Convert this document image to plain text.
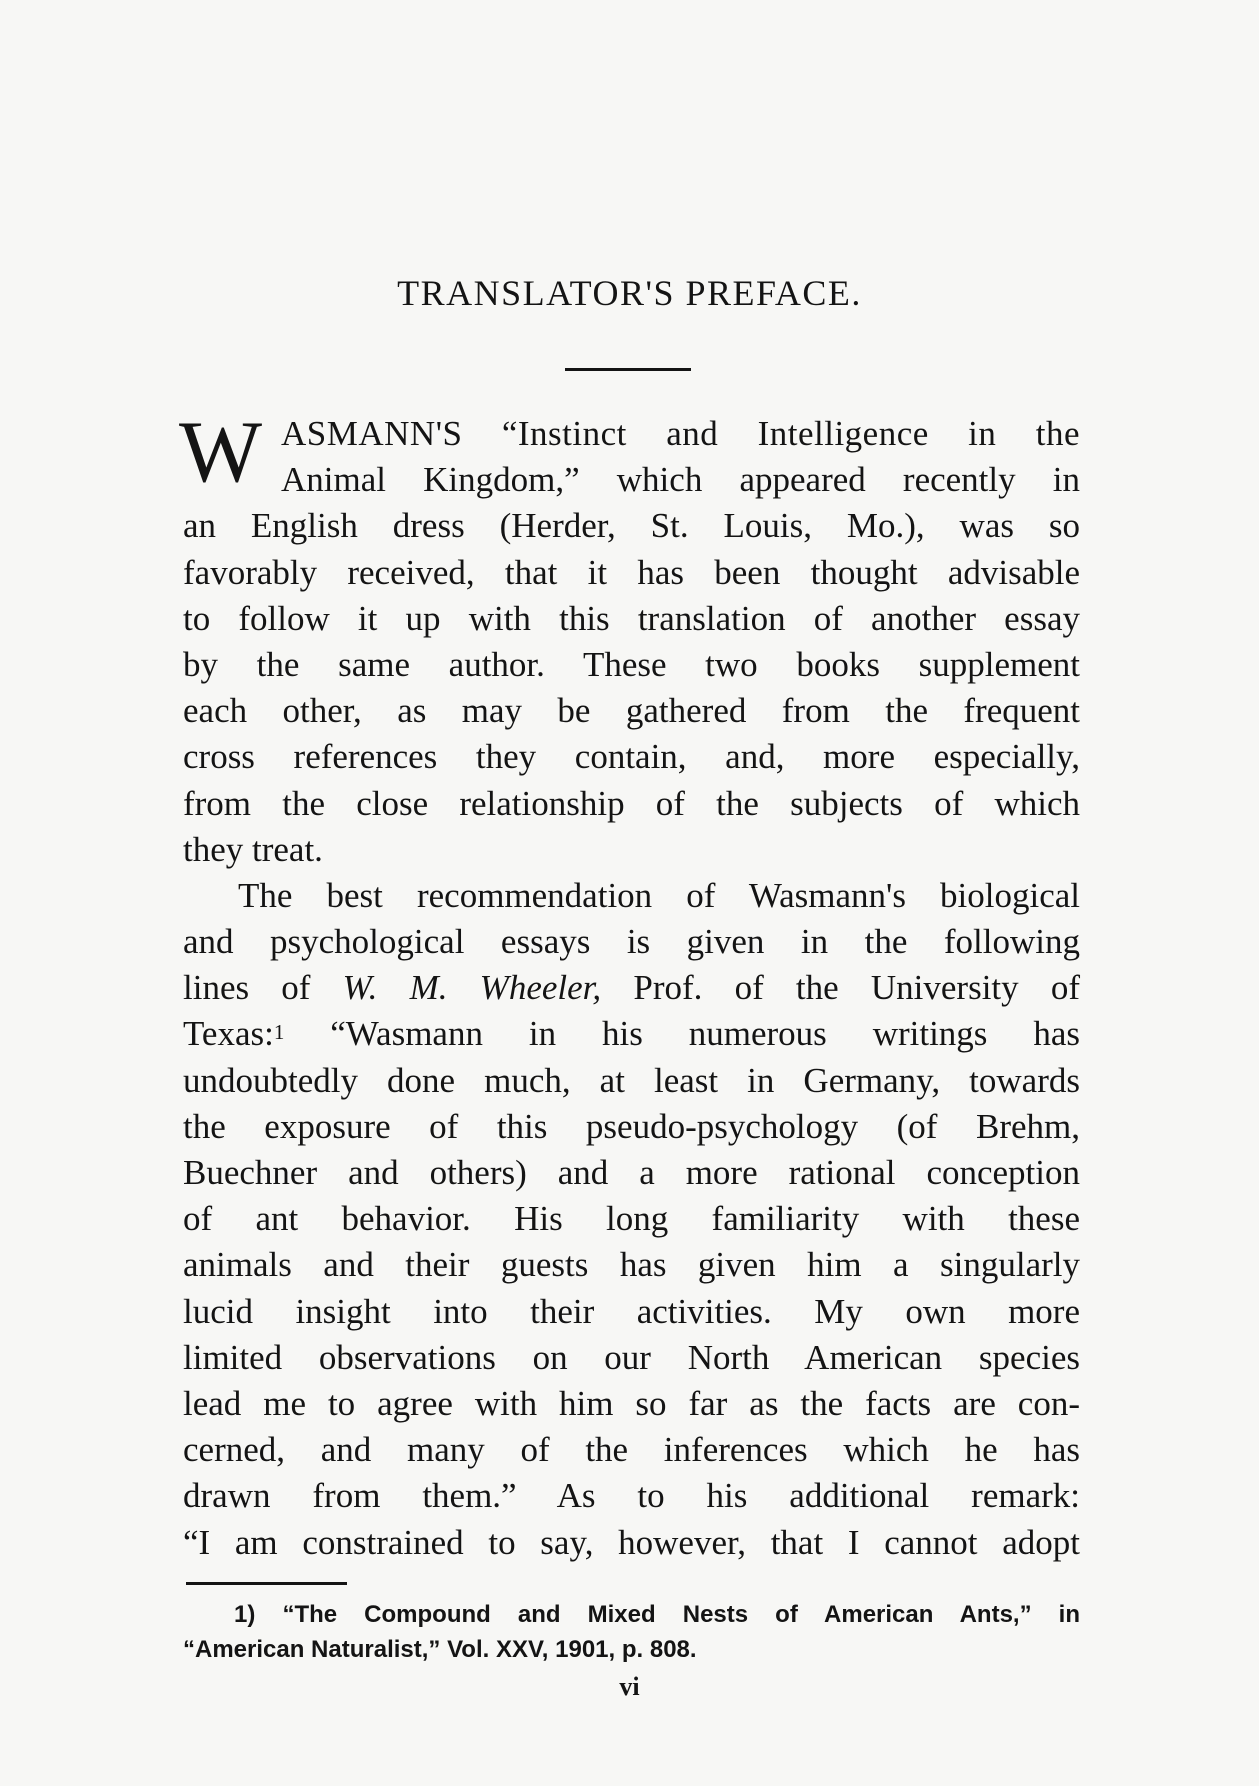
TRANSLATOR'S PREFACE.
W ASMANN'S “Instinct and Intelligence in the
Animal Kingdom,” which appeared recently in
an English dress (Herder, St. Louis, Mo.), was so
favorably received, that it has been thought advisable
to follow it up with this translation of another essay
by the same author. These two books supplement
each other, as may be gathered from the frequent
cross references they contain, and, more especially,
from the close relationship of the subjects of which
they treat.
The best recommendation of Wasmann's biological
and psychological essays is given in the following
lines of W. M. Wheeler, Prof. of the University of
Texas:$^1$ “Wasmann in his numerous writings has
undoubtedly done much, at least in Germany, towards
the exposure of this pseudo-psychology (of Brehm,
Buechner and others) and a more rational conception
of ant behavior. His long familiarity with these
animals and their guests has given him a singularly
lucid insight into their activities. My own more
limited observations on our North American species
lead me to agree with him so far as the facts are con-
cerned, and many of the inferences which he has
drawn from them.” As to his additional remark:
“I am constrained to say, however, that I cannot adopt
1) “The Compound and Mixed Nests of American Ants,” in
“American Naturalist,” Vol. XXV, 1901, p. 808.
vi
